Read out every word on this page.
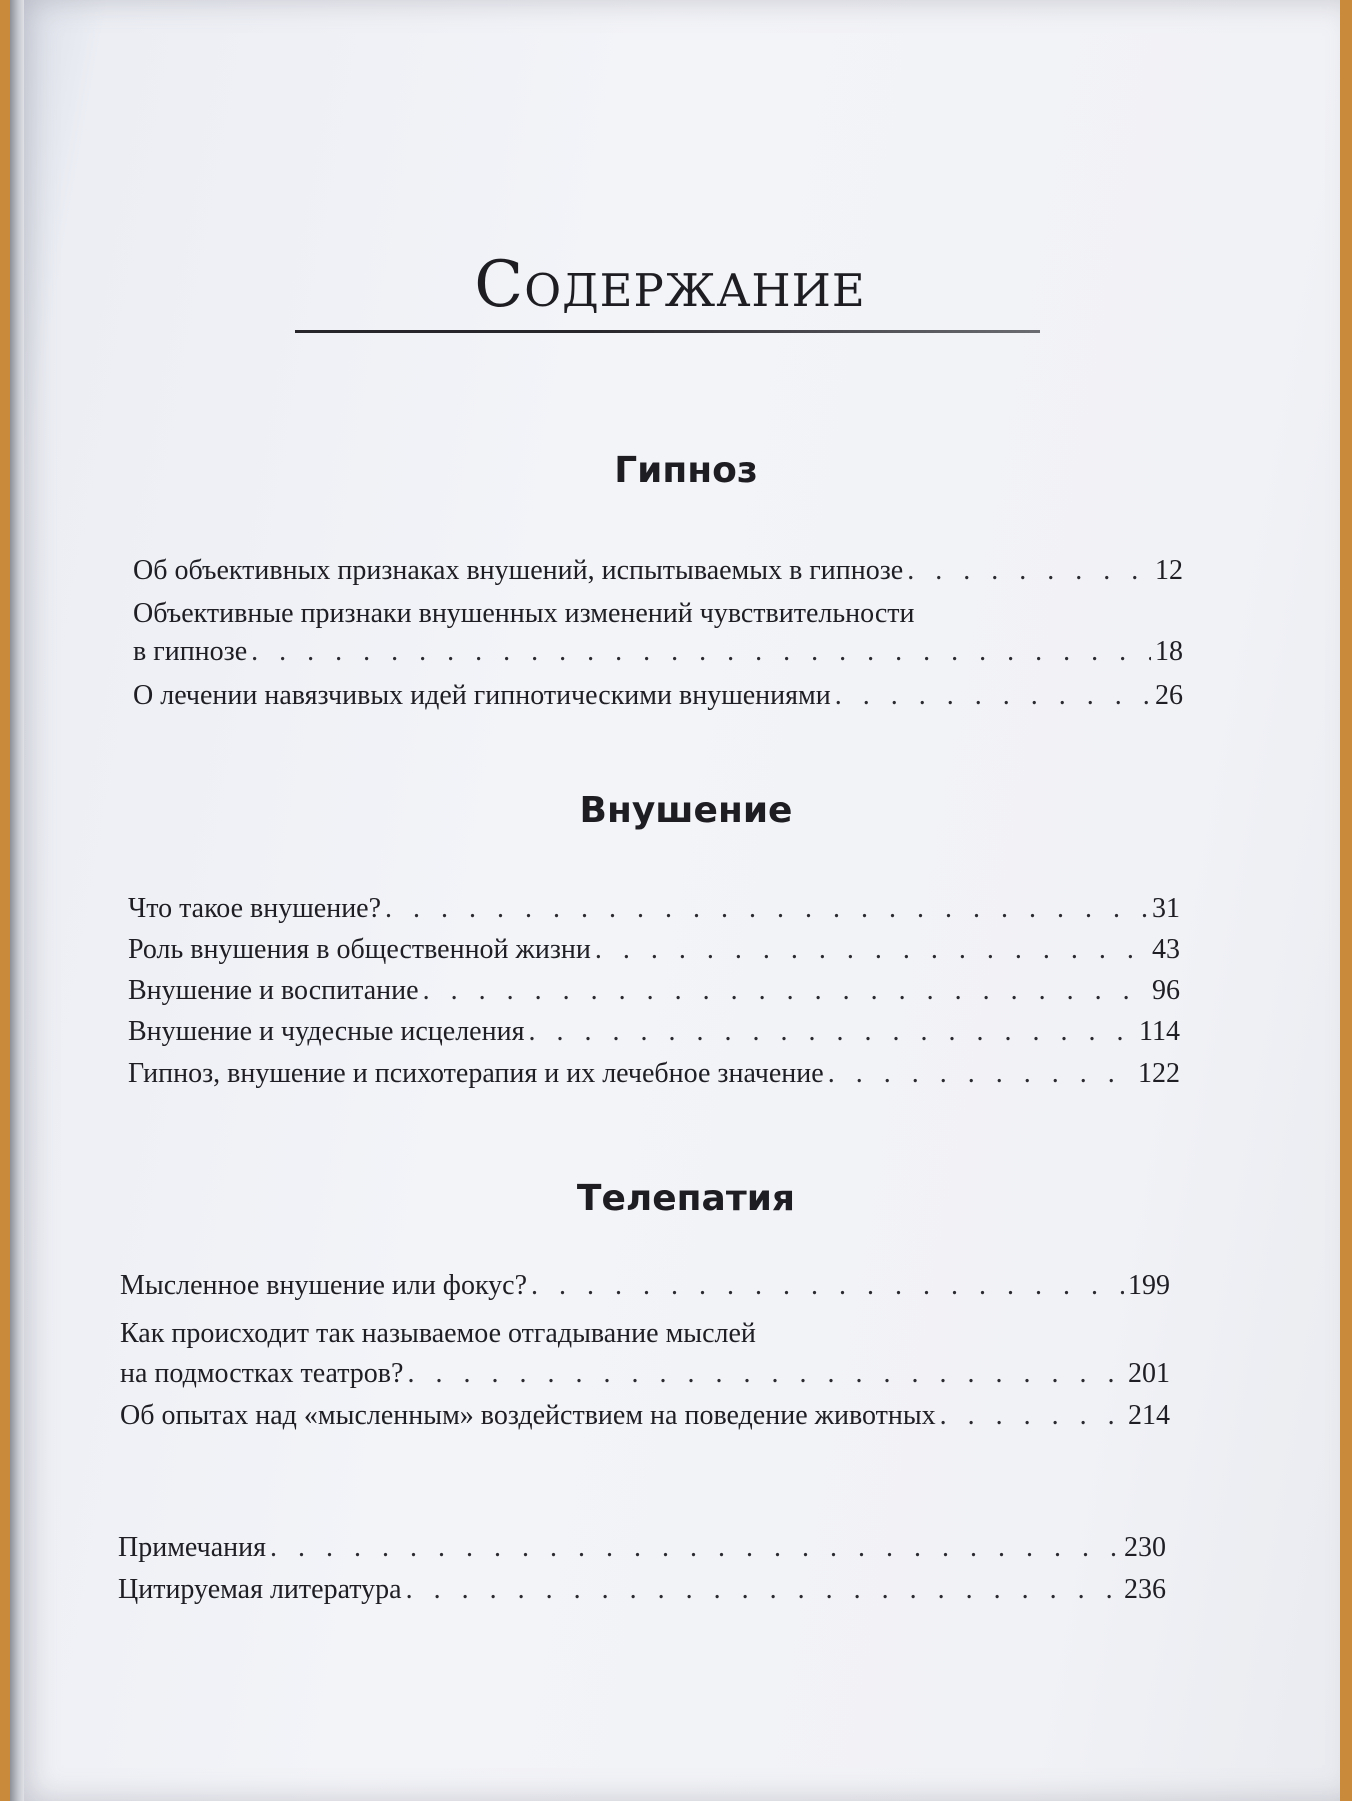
Содержание
Гипноз
Об объективных признаках внушений, испытываемых в гипнозе . . .	12
Объективные признаки внушенных изменений чувствительности
в гипнозе . . .	18
О лечении навязчивых идей гипнотическими внушениями . . .	26
Внушение
Что такое внушение? . . .	31
Роль внушения в общественной жизни . . .	43
Внушение и воспитание . . .	96
Внушение и чудесные исцеления . . .	114
Гипноз, внушение и психотерапия и их лечебное значение . . .	122
Телепатия
Мысленное внушение или фокус? . . .	199
Как происходит так называемое отгадывание мыслей
на подмостках театров? . . .	201
Об опытах над «мысленным» воздействием на поведение животных . . .	214
Примечания . . .	230
Цитируемая литература . . .	236
